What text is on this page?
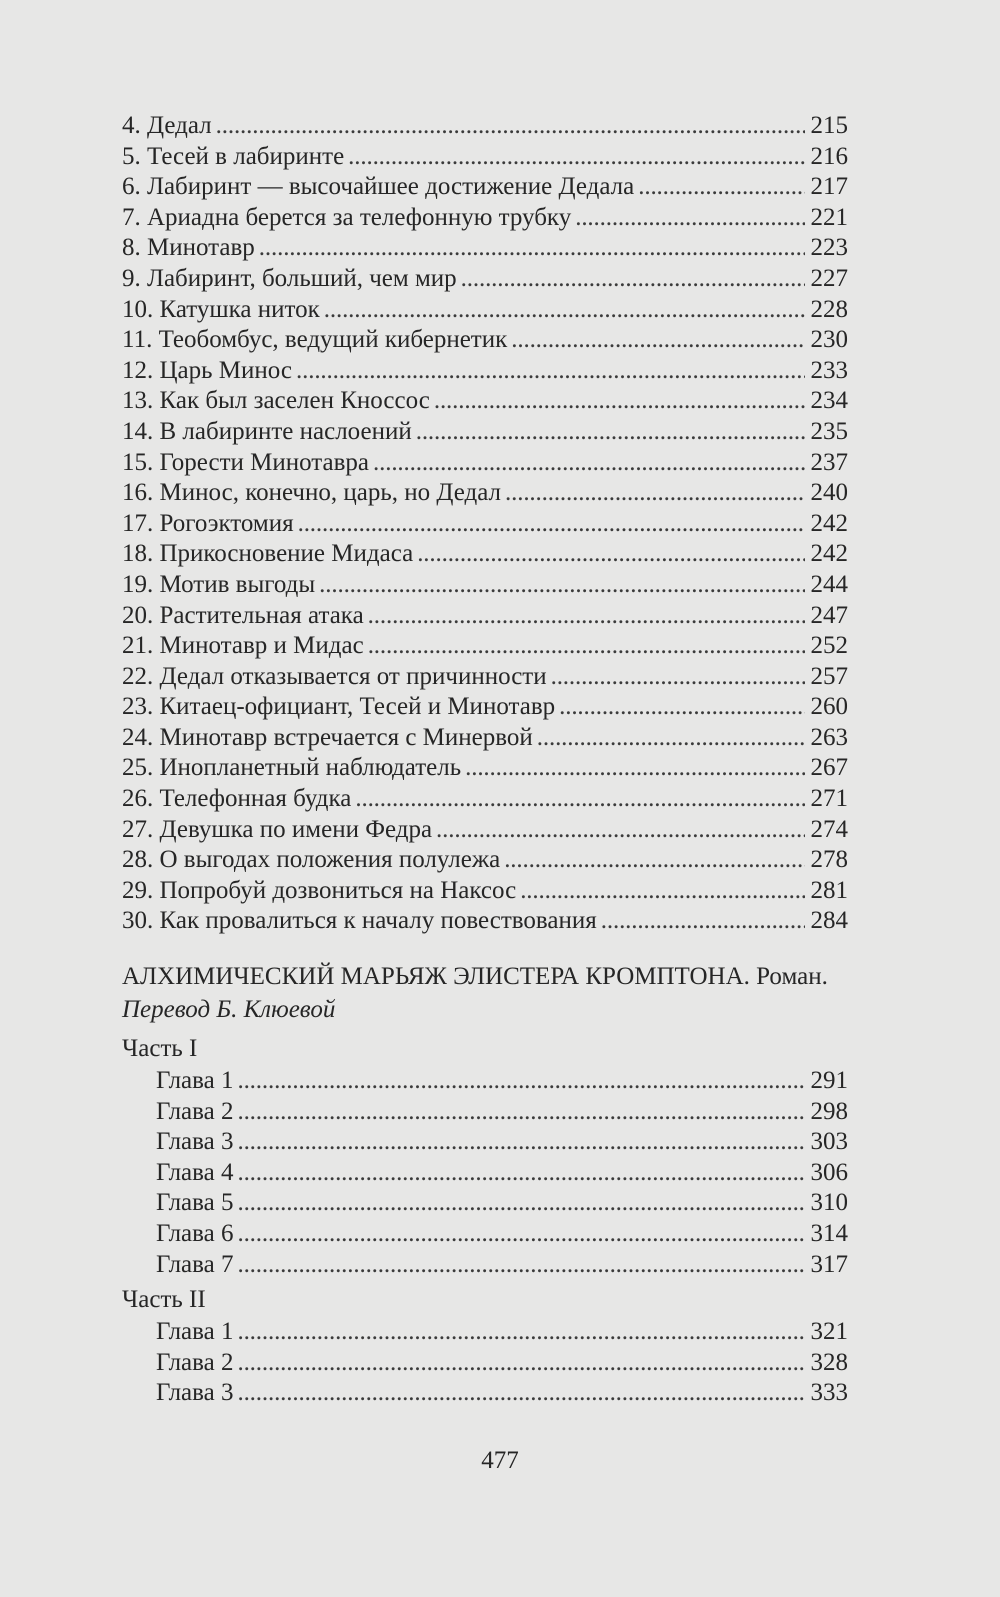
4. Дедал . . .	215
5. Тесей в лабиринте . . .	216
6. Лабиринт — высочайшее достижение Дедала . . .	217
7. Ариадна берется за телефонную трубку . . .	221
8. Минотавр . . .	223
9. Лабиринт, больший, чем мир . . .	227
10. Катушка ниток . . .	228
11. Теобомбус, ведущий кибернетик . . .	230
12. Царь Минос . . .	233
13. Как был заселен Кноссос . . .	234
14. В лабиринте наслоений . . .	235
15. Горести Минотавра . . .	237
16. Минос, конечно, царь, но Дедал . . .	240
17. Рогоэктомия . . .	242
18. Прикосновение Мидаса . . .	242
19. Мотив выгоды . . .	244
20. Растительная атака . . .	247
21. Минотавр и Мидас . . .	252
22. Дедал отказывается от причинности . . .	257
23. Китаец-официант, Тесей и Минотавр . . .	260
24. Минотавр встречается с Минервой . . .	263
25. Инопланетный наблюдатель . . .	267
26. Телефонная будка . . .	271
27. Девушка по имени Федра . . .	274
28. О выгодах положения полулежа . . .	278
29. Попробуй дозвониться на Наксос . . .	281
30. Как провалиться к началу повествования . . .	284
АЛХИМИЧЕСКИЙ МАРЬЯЖ ЭЛИСТЕРА КРОМПТОНА. Роман.
Перевод Б. Клюевой
Часть I
Глава 1 . . .	291
Глава 2 . . .	298
Глава 3 . . .	303
Глава 4 . . .	306
Глава 5 . . .	310
Глава 6 . . .	314
Глава 7 . . .	317
Часть II
Глава 1 . . .	321
Глава 2 . . .	328
Глава 3 . . .	333
477
